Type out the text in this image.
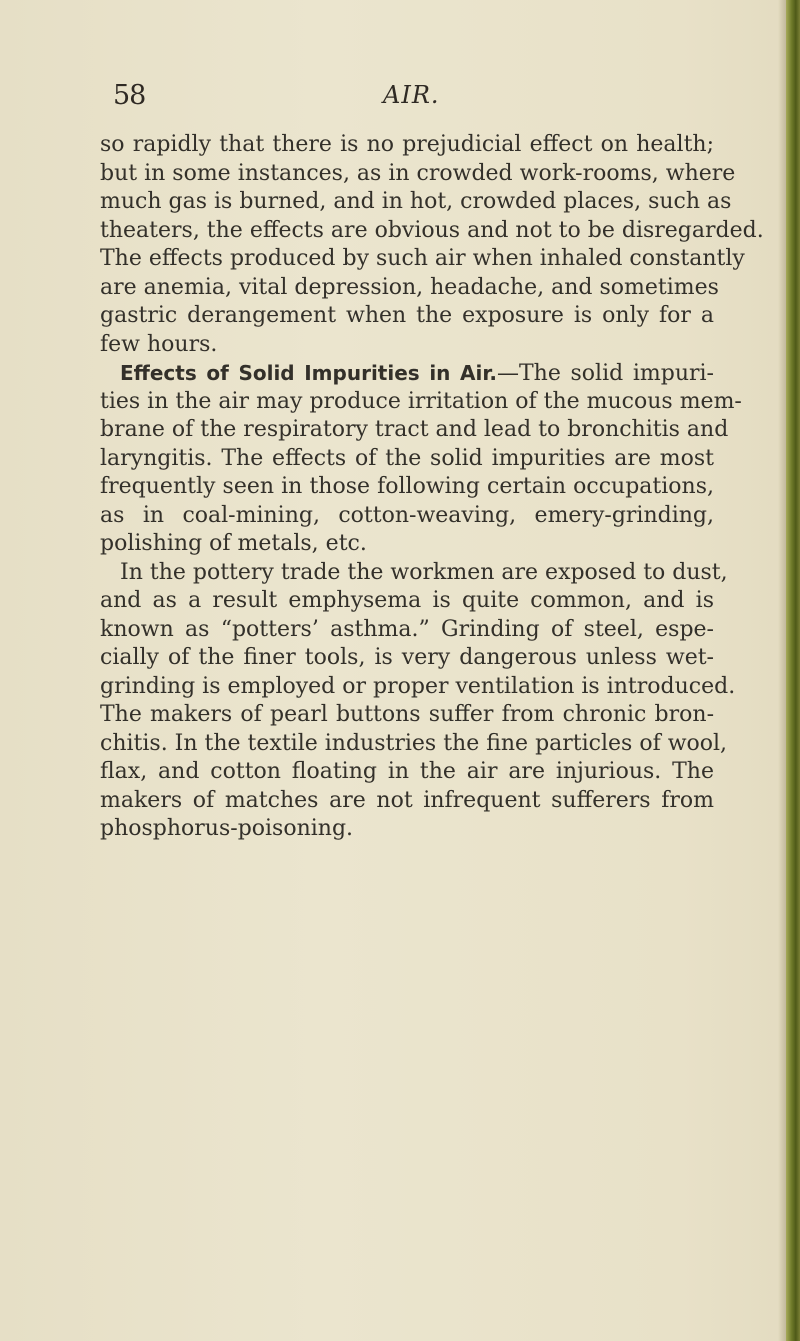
58	AIR.
so rapidly that there is no prejudicial effect on health;
but in some instances, as in crowded work-rooms, where
much gas is burned, and in hot, crowded places, such as
theaters, the effects are obvious and not to be disregarded.
The effects produced by such air when inhaled constantly
are anemia, vital depression, headache, and sometimes
gastric derangement when the exposure is only for a
few hours.
Effects of Solid Impurities in Air.—The solid impuri-
ties in the air may produce irritation of the mucous mem-
brane of the respiratory tract and lead to bronchitis and
laryngitis. The effects of the solid impurities are most
frequently seen in those following certain occupations,
as in coal-mining, cotton-weaving, emery-grinding,
polishing of metals, etc.
In the pottery trade the workmen are exposed to dust,
and as a result emphysema is quite common, and is
known as “potters’ asthma.” Grinding of steel, espe-
cially of the finer tools, is very dangerous unless wet-
grinding is employed or proper ventilation is introduced.
The makers of pearl buttons suffer from chronic bron-
chitis. In the textile industries the fine particles of wool,
flax, and cotton floating in the air are injurious. The
makers of matches are not infrequent sufferers from
phosphorus-poisoning.
